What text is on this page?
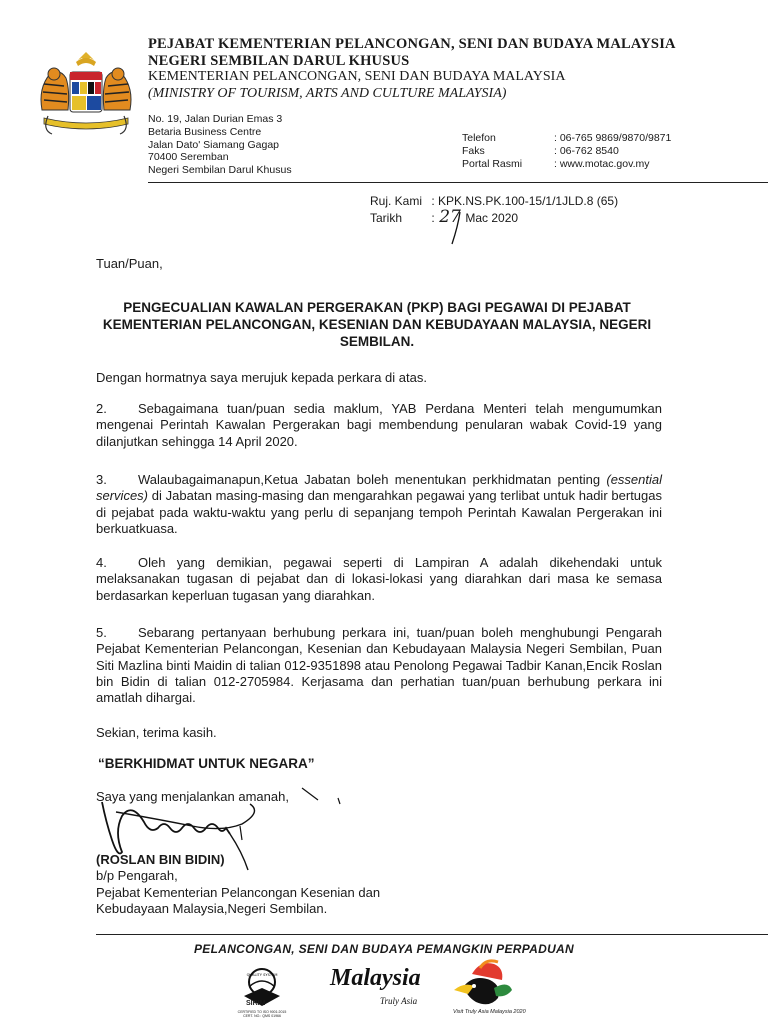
PEJABAT KEMENTERIAN PELANCONGAN, SENI DAN BUDAYA MALAYSIA
NEGERI SEMBILAN DARUL KHUSUS
KEMENTERIAN PELANCONGAN, SENI DAN BUDAYA MALAYSIA
(MINISTRY OF TOURISM, ARTS AND CULTURE MALAYSIA)
No. 19, Jalan Durian Emas 3
Betaria Business Centre
Jalan Dato' Siamang Gagap
70400 Seremban
Negeri Sembilan Darul Khusus
Telefon	: 06-765 9869/9870/9871
Faks	: 06-762 8540
Portal Rasmi	: www.motac.gov.my
Ruj. Kami : KPK.NS.PK.100-15/1/1JLD.8 (65)
Tarikh : 27 Mac 2020
Tuan/Puan,
PENGECUALIAN KAWALAN PERGERAKAN (PKP) BAGI PEGAWAI DI PEJABAT KEMENTERIAN PELANCONGAN, KESENIAN DAN KEBUDAYAAN MALAYSIA, NEGERI SEMBILAN.
Dengan hormatnya saya merujuk kepada perkara di atas.
2. Sebagaimana tuan/puan sedia maklum, YAB Perdana Menteri telah mengumumkan mengenai Perintah Kawalan Pergerakan bagi membendung penularan wabak Covid-19 yang dilanjutkan sehingga 14 April 2020.
3. Walaubagaimanapun,Ketua Jabatan boleh menentukan perkhidmatan penting (essential services) di Jabatan masing-masing dan mengarahkan pegawai yang terlibat untuk hadir bertugas di pejabat pada waktu-waktu yang perlu di sepanjang tempoh Perintah Kawalan Pergerakan ini berkuatkuasa.
4. Oleh yang demikian, pegawai seperti di Lampiran A adalah dikehendaki untuk melaksanakan tugasan di pejabat dan di lokasi-lokasi yang diarahkan dari masa ke semasa berdasarkan keperluan tugasan yang diarahkan.
5. Sebarang pertanyaan berhubung perkara ini, tuan/puan boleh menghubungi Pengarah Pejabat Kementerian Pelancongan, Kesenian dan Kebudayaan Malaysia Negeri Sembilan, Puan Siti Mazlina binti Maidin di talian 012-9351898 atau Penolong Pegawai Tadbir Kanan,Encik Roslan bin Bidin di talian 012-2705984. Kerjasama dan perhatian tuan/puan berhubung perkara ini amatlah dihargai.
Sekian, terima kasih.
“BERKHIDMAT UNTUK NEGARA”
Saya yang menjalankan amanah,
(ROSLAN BIN BIDIN)
b/p Pengarah,
Pejabat Kementerian Pelancongan Kesenian dan
Kebudayaan Malaysia,Negeri Sembilan.
PELANCONGAN, SENI DAN BUDAYA PEMANGKIN PERPADUAN
QUALITY SYSTEM
SIRIM
CERTIFIED TO ISO 9001:2015
CERT. NO.: QMS 01966
Malaysia
Truly Asia
Visit Truly Asia Malaysia 2020
